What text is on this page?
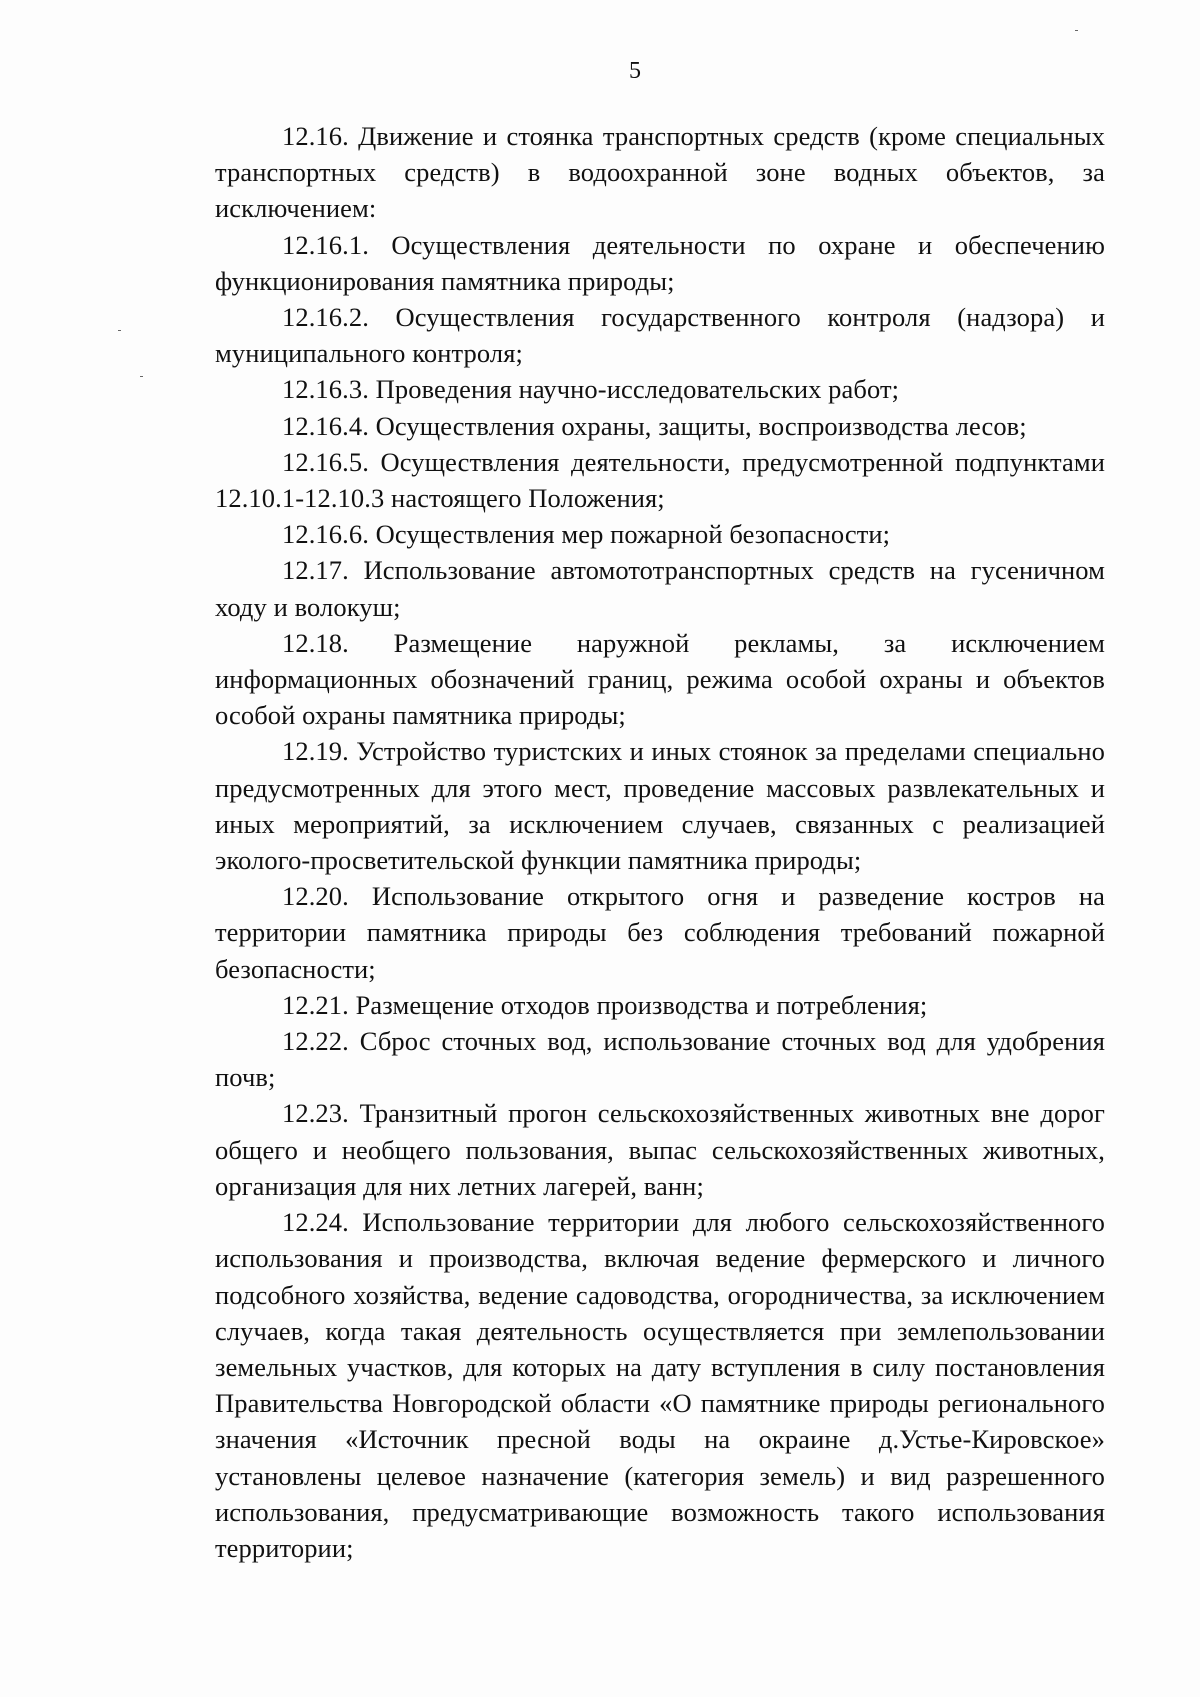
5

12.16. Движение и стоянка транспортных средств (кроме специальных транспортных средств) в водоохранной зоне водных объектов, за исключением:

12.16.1. Осуществления деятельности по охране и обеспечению функционирования памятника природы;

12.16.2. Осуществления государственного контроля (надзора) и муниципального контроля;

12.16.3. Проведения научно-исследовательских работ;

12.16.4. Осуществления охраны, защиты, воспроизводства лесов;

12.16.5. Осуществления деятельности, предусмотренной подпунктами 12.10.1-12.10.3 настоящего Положения;

12.16.6. Осуществления мер пожарной безопасности;

12.17. Использование автомототранспортных средств на гусеничном ходу и волокуш;

12.18. Размещение наружной рекламы, за исключением информационных обозначений границ, режима особой охраны и объектов особой охраны памятника природы;

12.19. Устройство туристских и иных стоянок за пределами специально предусмотренных для этого мест, проведение массовых развлекательных и иных мероприятий, за исключением случаев, связанных с реализацией эколого-просветительской функции памятника природы;

12.20. Использование открытого огня и разведение костров на территории памятника природы без соблюдения требований пожарной безопасности;

12.21. Размещение отходов производства и потребления;

12.22. Сброс сточных вод, использование сточных вод для удобрения почв;

12.23. Транзитный прогон сельскохозяйственных животных вне дорог общего и необщего пользования, выпас сельскохозяйственных животных, организация для них летних лагерей, ванн;

12.24. Использование территории для любого сельскохозяйственного использования и производства, включая ведение фермерского и личного подсобного хозяйства, ведение садоводства, огородничества, за исключением случаев, когда такая деятельность осуществляется при землепользовании земельных участков, для которых на дату вступления в силу постановления Правительства Новгородской области «О памятнике природы регионального значения «Источник пресной воды на окраине д.Устье-Кировское» установлены целевое назначение (категория земель) и вид разрешенного использования, предусматривающие возможность такого использования территории;
